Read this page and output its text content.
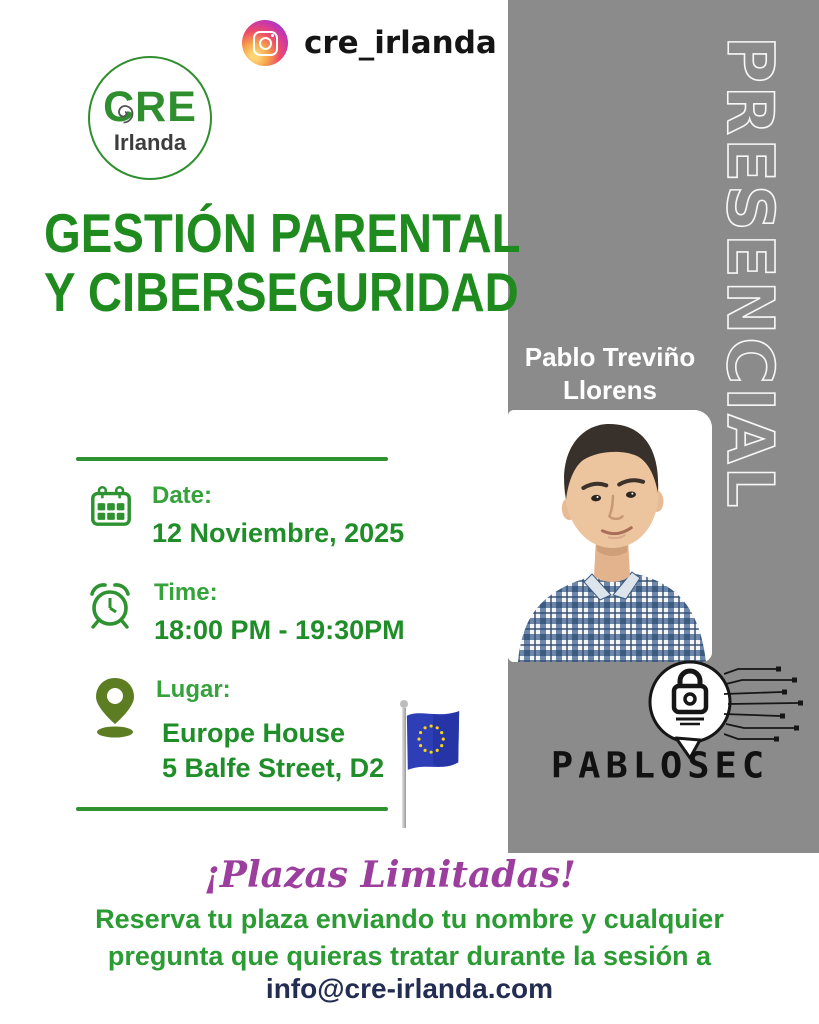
PRESENCIAL
Pablo Treviño
Llorens
PABLOSEC
cre_irlanda
CRE
Irlanda
GESTIÓN PARENTAL
Y CIBERSEGURIDAD
Date:
12 Noviembre, 2025
Time:
18:00 PM - 19:30PM
Lugar:
Europe House
5 Balfe Street, D2
¡Plazas Limitadas!
Reserva tu plaza enviando tu nombre y cualquier
pregunta que quieras tratar durante la sesión a
info@cre-irlanda.com
